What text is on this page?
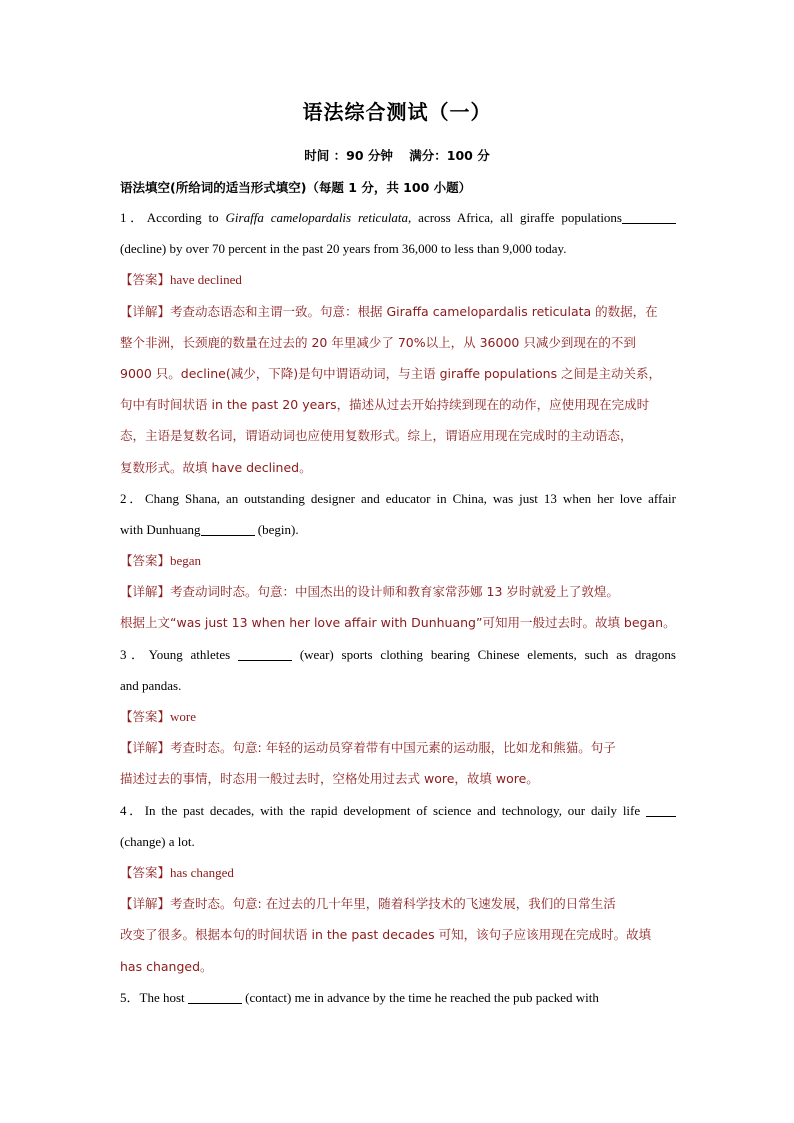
语法综合测试（一）
时间 ：90 分钟 满分：100 分
语法填空(所给词的适当形式填空)（每题 1 分，共 100 小题）
1．According to Giraffa camelopardalis reticulata, across Africa, all giraffe populations
(decline) by over 70 percent in the past 20 years from 36,000 to less than 9,000 today.
【答案】have declined
【详解】考查动态语态和主谓一致。句意：根据 Giraffa camelopardalis reticulata 的数据，在
整个非洲，长颈鹿的数量在过去的 20 年里减少了 70%以上，从 36000 只减少到现在的不到
9000 只。decline(减少，下降)是句中谓语动词，与主语 giraffe populations 之间是主动关系，
句中有时间状语 in the past 20 years，描述从过去开始持续到现在的动作，应使用现在完成时
态，主语是复数名词，谓语动词也应使用复数形式。综上，谓语应用现在完成时的主动语态，
复数形式。故填 have declined。
2．Chang Shana, an outstanding designer and educator in China, was just 13 when her love affair
with Dunhuang	(begin).
【答案】began
【详解】考查动词时态。句意：中国杰出的设计师和教育家常莎娜 13 岁时就爱上了敦煌。
根据上文“was just 13 when her love affair with Dunhuang”可知用一般过去时。故填 began。
3．Young athletes	(wear) sports clothing bearing Chinese elements, such as dragons
and pandas.
【答案】wore
【详解】考查时态。句意: 年轻的运动员穿着带有中国元素的运动服，比如龙和熊猫。句子
描述过去的事情，时态用一般过去时，空格处用过去式 wore，故填 wore。
4．In the past decades, with the rapid development of science and technology, our daily life
(change) a lot.
【答案】has changed
【详解】考查时态。句意: 在过去的几十年里，随着科学技术的飞速发展，我们的日常生活
改变了很多。根据本句的时间状语 in the past decades 可知，该句子应该用现在完成时。故填
has changed。
5．The host	(contact) me in advance by the time he reached the pub packed with
